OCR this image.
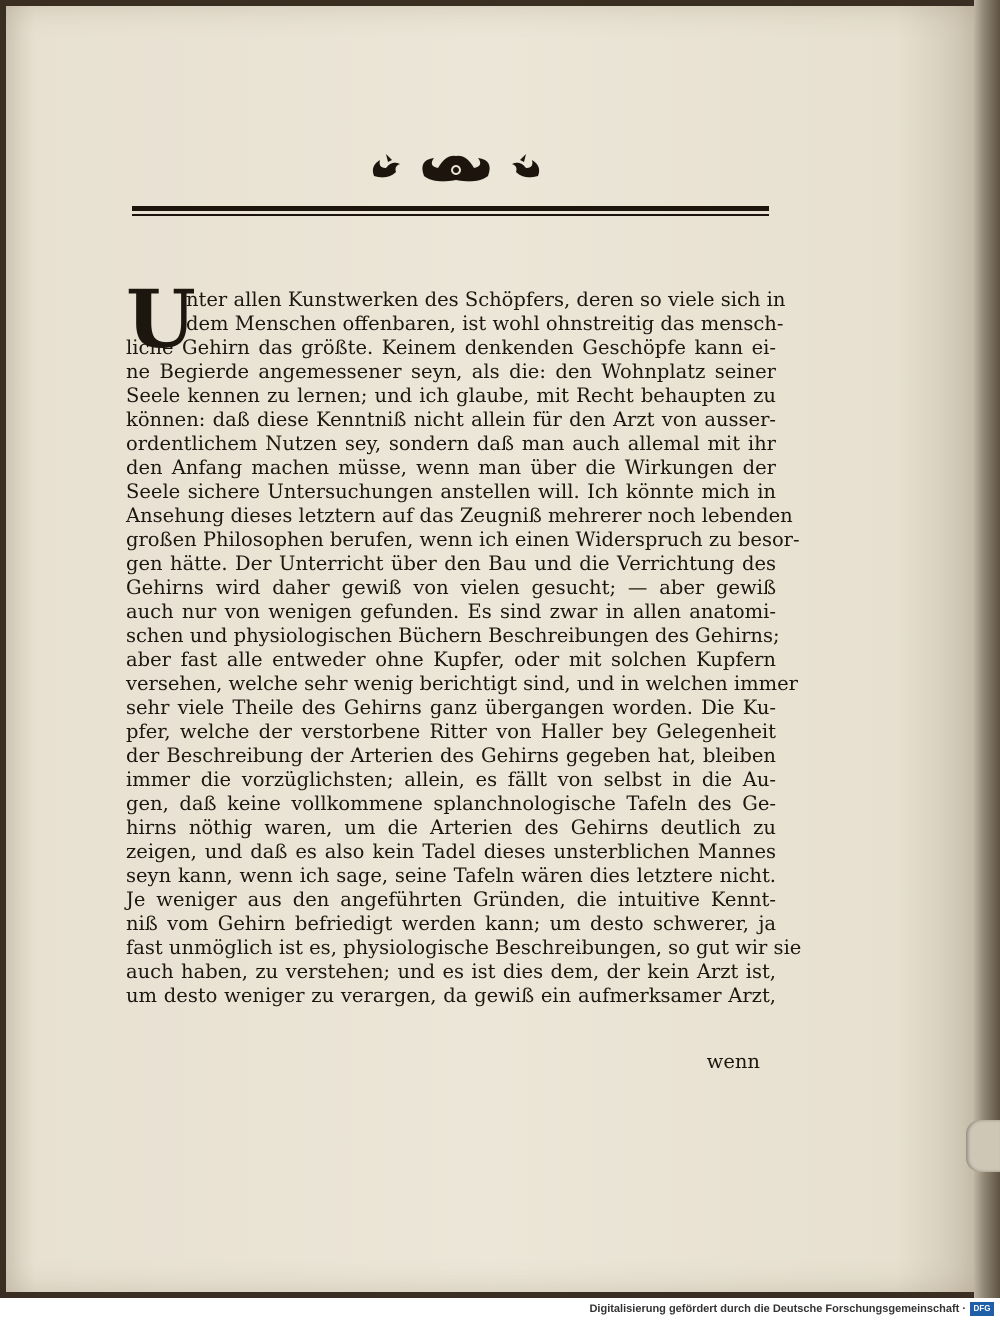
U
nter allen Kunstwerken des Schöpfers, deren so viele sich in
dem Menschen offenbaren, ist wohl ohnstreitig das mensch-
liche Gehirn das größte. Keinem denkenden Geschöpfe kann ei-
ne Begierde angemessener seyn, als die: den Wohnplatz seiner
Seele kennen zu lernen; und ich glaube, mit Recht behaupten zu
können: daß diese Kenntniß nicht allein für den Arzt von ausser-
ordentlichem Nutzen sey, sondern daß man auch allemal mit ihr
den Anfang machen müsse, wenn man über die Wirkungen der
Seele sichere Untersuchungen anstellen will. Ich könnte mich in
Ansehung dieses letztern auf das Zeugniß mehrerer noch lebenden
großen Philosophen berufen, wenn ich einen Widerspruch zu besor-
gen hätte. Der Unterricht über den Bau und die Verrichtung des
Gehirns wird daher gewiß von vielen gesucht; — aber gewiß
auch nur von wenigen gefunden. Es sind zwar in allen anatomi-
schen und physiologischen Büchern Beschreibungen des Gehirns;
aber fast alle entweder ohne Kupfer, oder mit solchen Kupfern
versehen, welche sehr wenig berichtigt sind, und in welchen immer
sehr viele Theile des Gehirns ganz übergangen worden. Die Ku-
pfer, welche der verstorbene Ritter von Haller bey Gelegenheit
der Beschreibung der Arterien des Gehirns gegeben hat, bleiben
immer die vorzüglichsten; allein, es fällt von selbst in die Au-
gen, daß keine vollkommene splanchnologische Tafeln des Ge-
hirns nöthig waren, um die Arterien des Gehirns deutlich zu
zeigen, und daß es also kein Tadel dieses unsterblichen Mannes
seyn kann, wenn ich sage, seine Tafeln wären dies letztere nicht.
Je weniger aus den angeführten Gründen, die intuitive Kennt-
niß vom Gehirn befriedigt werden kann; um desto schwerer, ja
fast unmöglich ist es, physiologische Beschreibungen, so gut wir sie
auch haben, zu verstehen; und es ist dies dem, der kein Arzt ist,
um desto weniger zu verargen, da gewiß ein aufmerksamer Arzt,
wenn
Digitalisierung gefördert durch die Deutsche Forschungsgemeinschaft · DFG
